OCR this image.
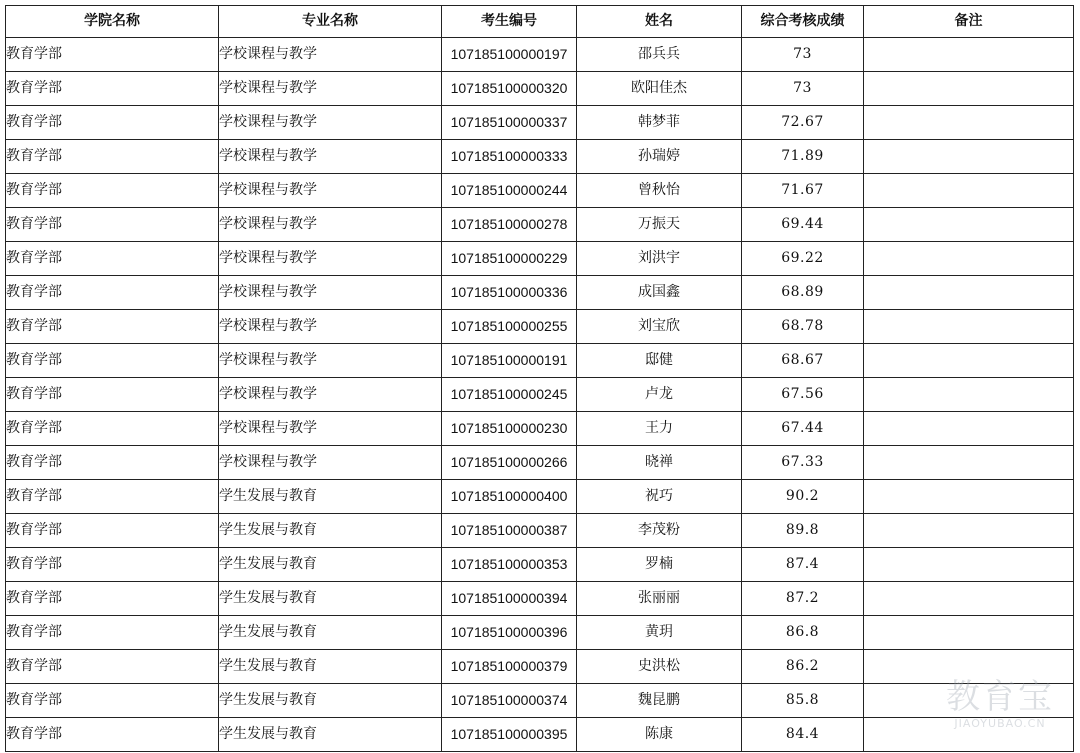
学院名称	专业名称	考生编号	姓名	综合考核成绩	备注
教育学部	学校课程与教学	107185100000197	邵兵兵	73	
教育学部	学校课程与教学	107185100000320	欧阳佳杰	73	
教育学部	学校课程与教学	107185100000337	韩梦菲	72.67	
教育学部	学校课程与教学	107185100000333	孙瑞婷	71.89	
教育学部	学校课程与教学	107185100000244	曾秋怡	71.67	
教育学部	学校课程与教学	107185100000278	万振天	69.44	
教育学部	学校课程与教学	107185100000229	刘洪宇	69.22	
教育学部	学校课程与教学	107185100000336	成国鑫	68.89	
教育学部	学校课程与教学	107185100000255	刘宝欣	68.78	
教育学部	学校课程与教学	107185100000191	邸健	68.67	
教育学部	学校课程与教学	107185100000245	卢龙	67.56	
教育学部	学校课程与教学	107185100000230	王力	67.44	
教育学部	学校课程与教学	107185100000266	晓禅	67.33	
教育学部	学生发展与教育	107185100000400	祝巧	90.2	
教育学部	学生发展与教育	107185100000387	李茂粉	89.8	
教育学部	学生发展与教育	107185100000353	罗楠	87.4	
教育学部	学生发展与教育	107185100000394	张丽丽	87.2	
教育学部	学生发展与教育	107185100000396	黄玥	86.8	
教育学部	学生发展与教育	107185100000379	史洪松	86.2	
教育学部	学生发展与教育	107185100000374	魏昆鹏	85.8	
教育学部	学生发展与教育	107185100000395	陈康	84.4	
教育宝
JIAOYUBAO.CN
